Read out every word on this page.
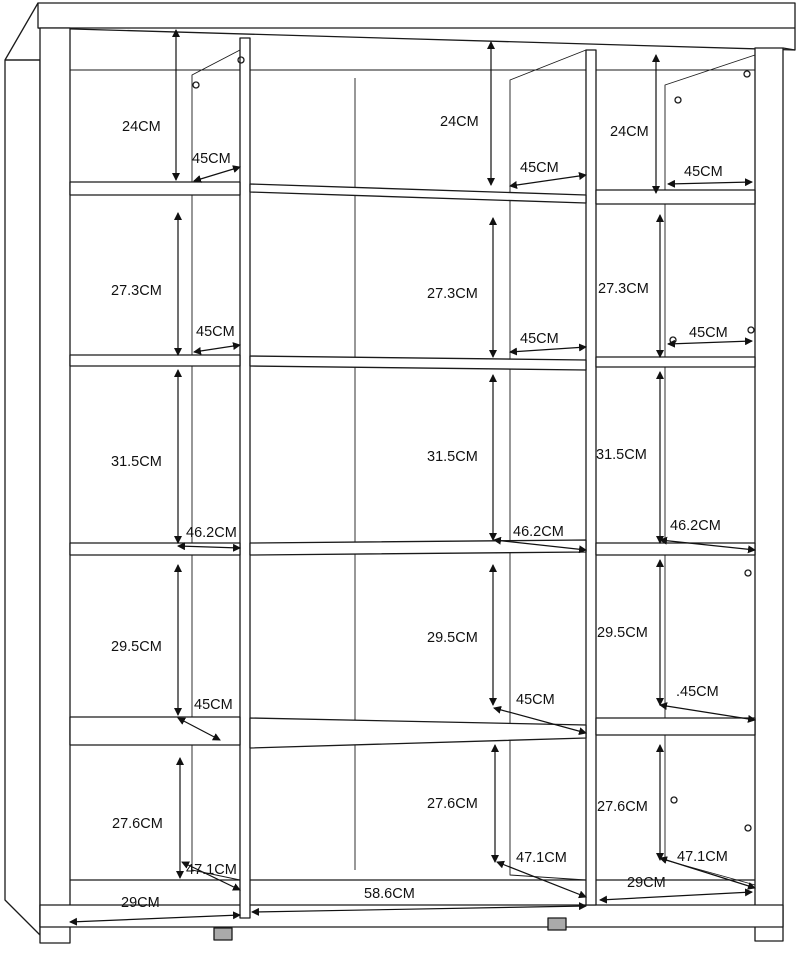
24CM	24CM
24CM
27.3CM	27.3CM	27.3CM
31.5CM	31.5CM	31.5CM
29.5CM
29.5CM	29.5CM
27.6CM
27.6CM	27.6CM
45CM
45CM	45CM
45CM	45CM	45CM
46.2CM	46.2CM	46.2CM
45CM	45CM	.45CM
47.1CM
47.1CM	47.1CM
29CM
58.6CM
29CM
